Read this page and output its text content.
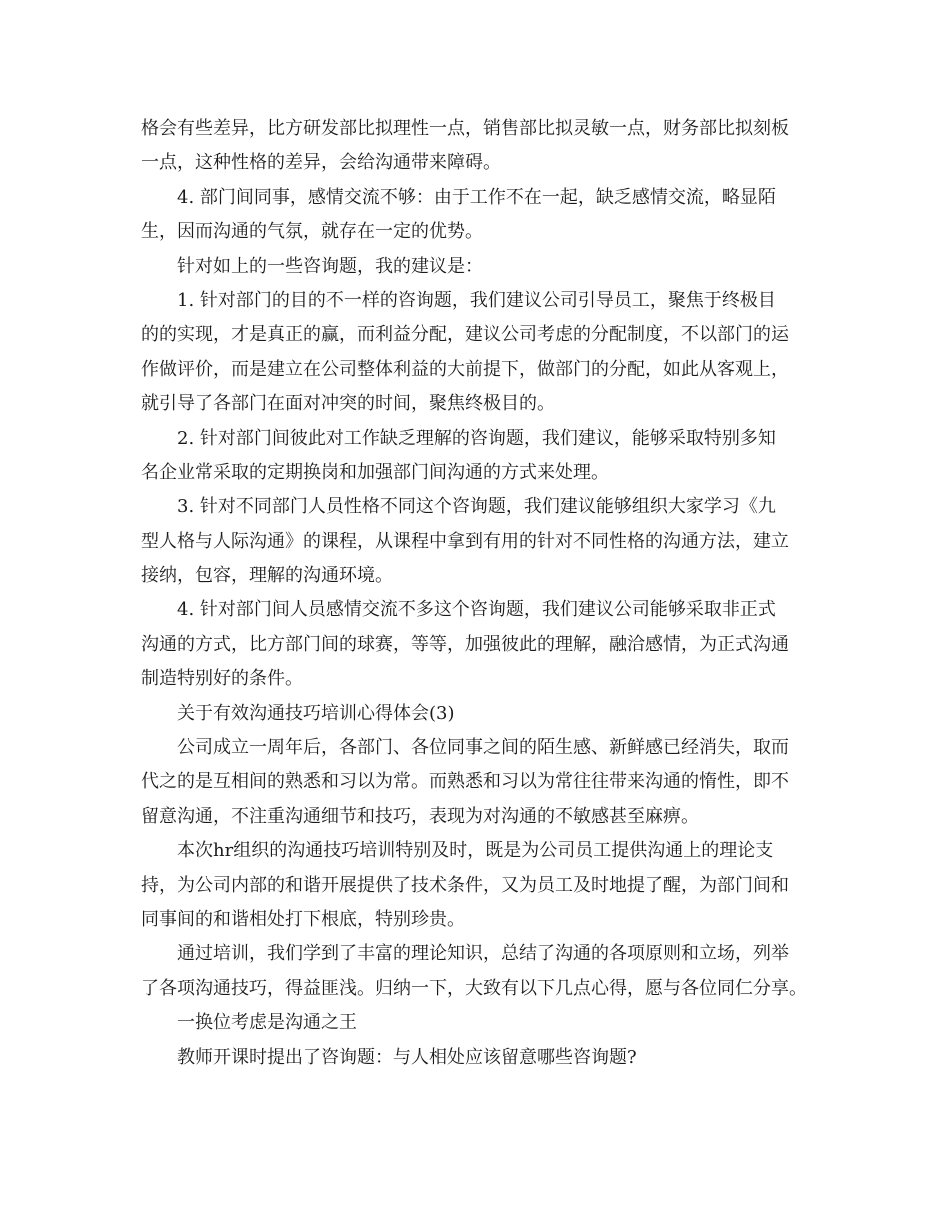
格会有些差异，比方研发部比拟理性一点，销售部比拟灵敏一点，财务部比拟刻板

一点，这种性格的差异，会给沟通带来障碍。

4. 部门间同事，感情交流不够：由于工作不在一起，缺乏感情交流，略显陌

生，因而沟通的气氛，就存在一定的优势。

针对如上的一些咨询题，我的建议是：

1. 针对部门的目的不一样的咨询题，我们建议公司引导员工，聚焦于终极目

的的实现，才是真正的赢，而利益分配，建议公司考虑的分配制度，不以部门的运

作做评价，而是建立在公司整体利益的大前提下，做部门的分配，如此从客观上，

就引导了各部门在面对冲突的时间，聚焦终极目的。

2. 针对部门间彼此对工作缺乏理解的咨询题，我们建议，能够采取特别多知

名企业常采取的定期换岗和加强部门间沟通的方式来处理。

3. 针对不同部门人员性格不同这个咨询题，我们建议能够组织大家学习《九

型人格与人际沟通》的课程，从课程中拿到有用的针对不同性格的沟通方法，建立

接纳，包容，理解的沟通环境。

4. 针对部门间人员感情交流不多这个咨询题，我们建议公司能够采取非正式

沟通的方式，比方部门间的球赛，等等，加强彼此的理解，融洽感情，为正式沟通

制造特别好的条件。

关于有效沟通技巧培训心得体会(3)

公司成立一周年后，各部门、各位同事之间的陌生感、新鲜感已经消失，取而

代之的是互相间的熟悉和习以为常。而熟悉和习以为常往往带来沟通的惰性，即不

留意沟通，不注重沟通细节和技巧，表现为对沟通的不敏感甚至麻痹。

本次hr组织的沟通技巧培训特别及时，既是为公司员工提供沟通上的理论支

持，为公司内部的和谐开展提供了技术条件，又为员工及时地提了醒，为部门间和

同事间的和谐相处打下根底，特别珍贵。

通过培训，我们学到了丰富的理论知识，总结了沟通的各项原则和立场，列举

了各项沟通技巧，得益匪浅。归纳一下，大致有以下几点心得，愿与各位同仁分享。

一换位考虑是沟通之王

教师开课时提出了咨询题：与人相处应该留意哪些咨询题?
